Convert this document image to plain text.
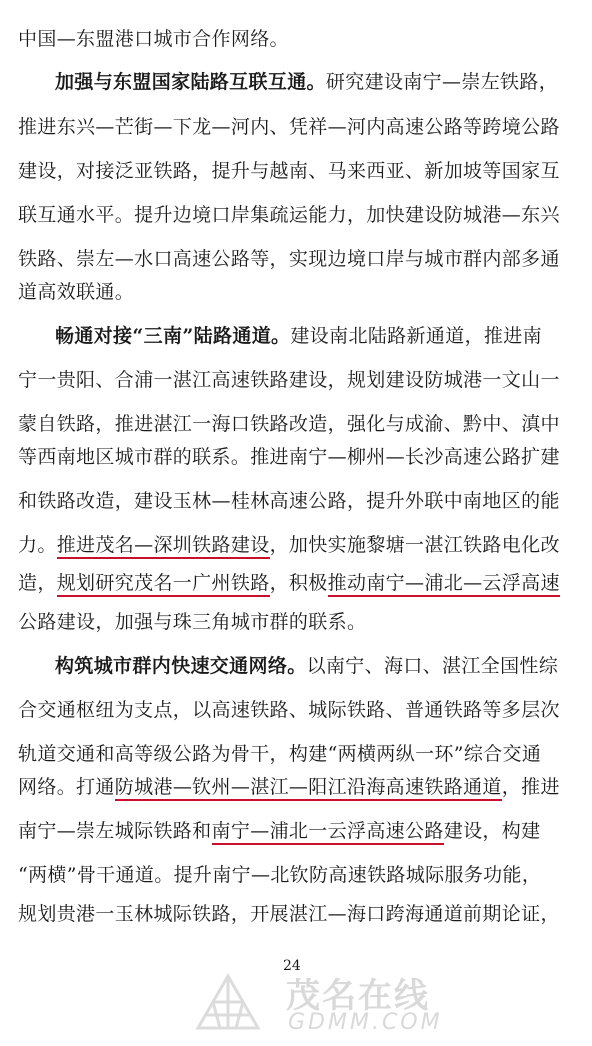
中国—东盟港口城市合作网络。
加强与东盟国家陆路互联互通。研究建设南宁—崇左铁路，
推进东兴—芒街—下龙—河内、凭祥—河内高速公路等跨境公路
建设，对接泛亚铁路，提升与越南、马来西亚、新加坡等国家互
联互通水平。提升边境口岸集疏运能力，加快建设防城港—东兴
铁路、崇左—水口高速公路等，实现边境口岸与城市群内部多通
道高效联通。
畅通对接“三南”陆路通道。建设南北陆路新通道，推进南
宁一贵阳、合浦一湛江高速铁路建设，规划建设防城港一文山一
蒙自铁路，推进湛江一海口铁路改造，强化与成渝、黔中、滇中
等西南地区城市群的联系。推进南宁—柳州—长沙高速公路扩建
和铁路改造，建设玉林—桂林高速公路，提升外联中南地区的能
力。推进茂名—深圳铁路建设，加快实施黎塘一湛江铁路电化改
造，规划研究茂名一广州铁路，积极推动南宁—浦北—云浮高速
公路建设，加强与珠三角城市群的联系。
构筑城市群内快速交通网络。以南宁、海口、湛江全国性综
合交通枢纽为支点，以高速铁路、城际铁路、普通铁路等多层次
轨道交通和高等级公路为骨干，构建“两横两纵一环”综合交通
网络。打通防城港—钦州—湛江—阳江沿海高速铁路通道，推进
南宁—崇左城际铁路和南宁—浦北一云浮高速公路建设，构建
“两横”骨干通道。提升南宁—北钦防高速铁路城际服务功能，
规划贵港一玉林城际铁路，开展湛江—海口跨海通道前期论证，
24
茂名在线
GDMM.COM
